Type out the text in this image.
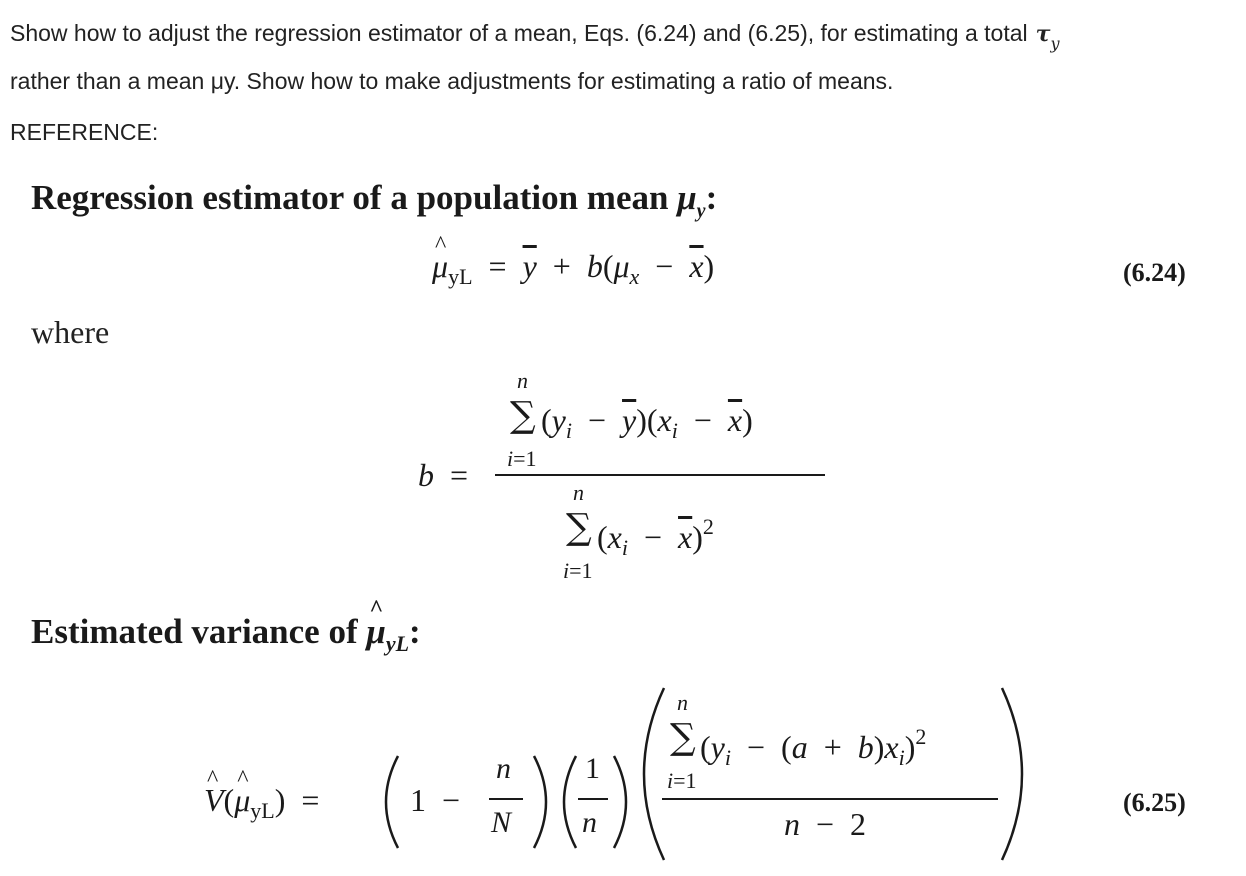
Show how to adjust the regression estimator of a mean, Eqs. (6.24) and (6.25), for estimating a total $\tau_y$
rather than a mean μy. Show how to make adjustments for estimating a ratio of means.
REFERENCE:
Regression estimator of a population mean $\mu_y$:
^ $\mu_{yL} = \overline{y} + b(\mu_x - \overline{x})$	(6.24)
where
b  =
n
∑ $(y_i - \overline{y})(x_i - \overline{x})$
i=1
n
∑ $(x_i - \overline{x})^2$
i=1
Estimated variance of ^ $\mu_{yL}$:
^ V(^ $\mu_{yL}$)  =	1  −
n
N
1
n
n
∑ $(y_i - (a + b)x_i)^2$
i=1
n  −  2
(6.25)
